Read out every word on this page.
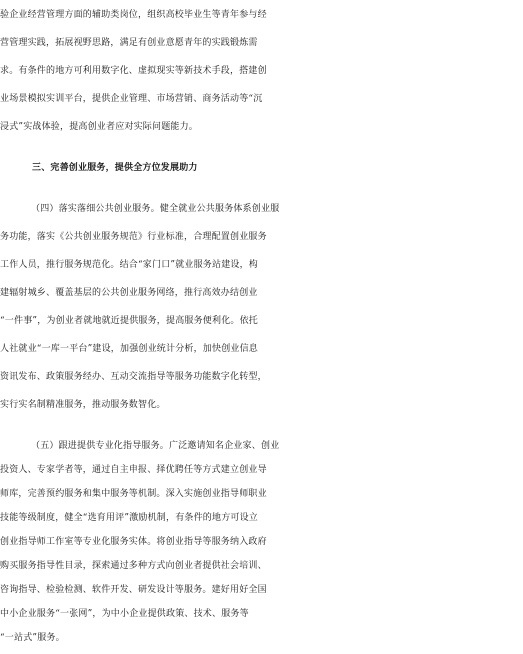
验企业经营管理方面的辅助类岗位，组织高校毕业生等青年参与经
营管理实践，拓展视野思路，满足有创业意愿青年的实践锻炼需
求。有条件的地方可利用数字化、虚拟现实等新技术手段，搭建创
业场景模拟实训平台，提供企业管理、市场营销、商务活动等“沉
浸式”实战体验，提高创业者应对实际问题能力。
三、完善创业服务，提供全方位发展助力
（四）落实落细公共创业服务。健全就业公共服务体系创业服
务功能，落实《公共创业服务规范》行业标准，合理配置创业服务
工作人员，推行服务规范化。结合“家门口”就业服务站建设，构
建辐射城乡、覆盖基层的公共创业服务网络，推行高效办结创业
“一件事”，为创业者就地就近提供服务，提高服务便利化。依托
人社就业“一库一平台”建设，加强创业统计分析，加快创业信息
资讯发布、政策服务经办、互动交流指导等服务功能数字化转型，
实行实名制精准服务，推动服务数智化。
（五）跟进提供专业化指导服务。广泛邀请知名企业家、创业
投资人、专家学者等，通过自主申报、择优聘任等方式建立创业导
师库，完善预约服务和集中服务等机制。深入实施创业指导师职业
技能等级制度，健全“选育用评”激励机制，有条件的地方可设立
创业指导师工作室等专业化服务实体。将创业指导等服务纳入政府
购买服务指导性目录，探索通过多种方式向创业者提供社会培训、
咨询指导、检验检测、软件开发、研发设计等服务。建好用好全国
中小企业服务“一张网”，为中小企业提供政策、技术、服务等
“一站式”服务。
